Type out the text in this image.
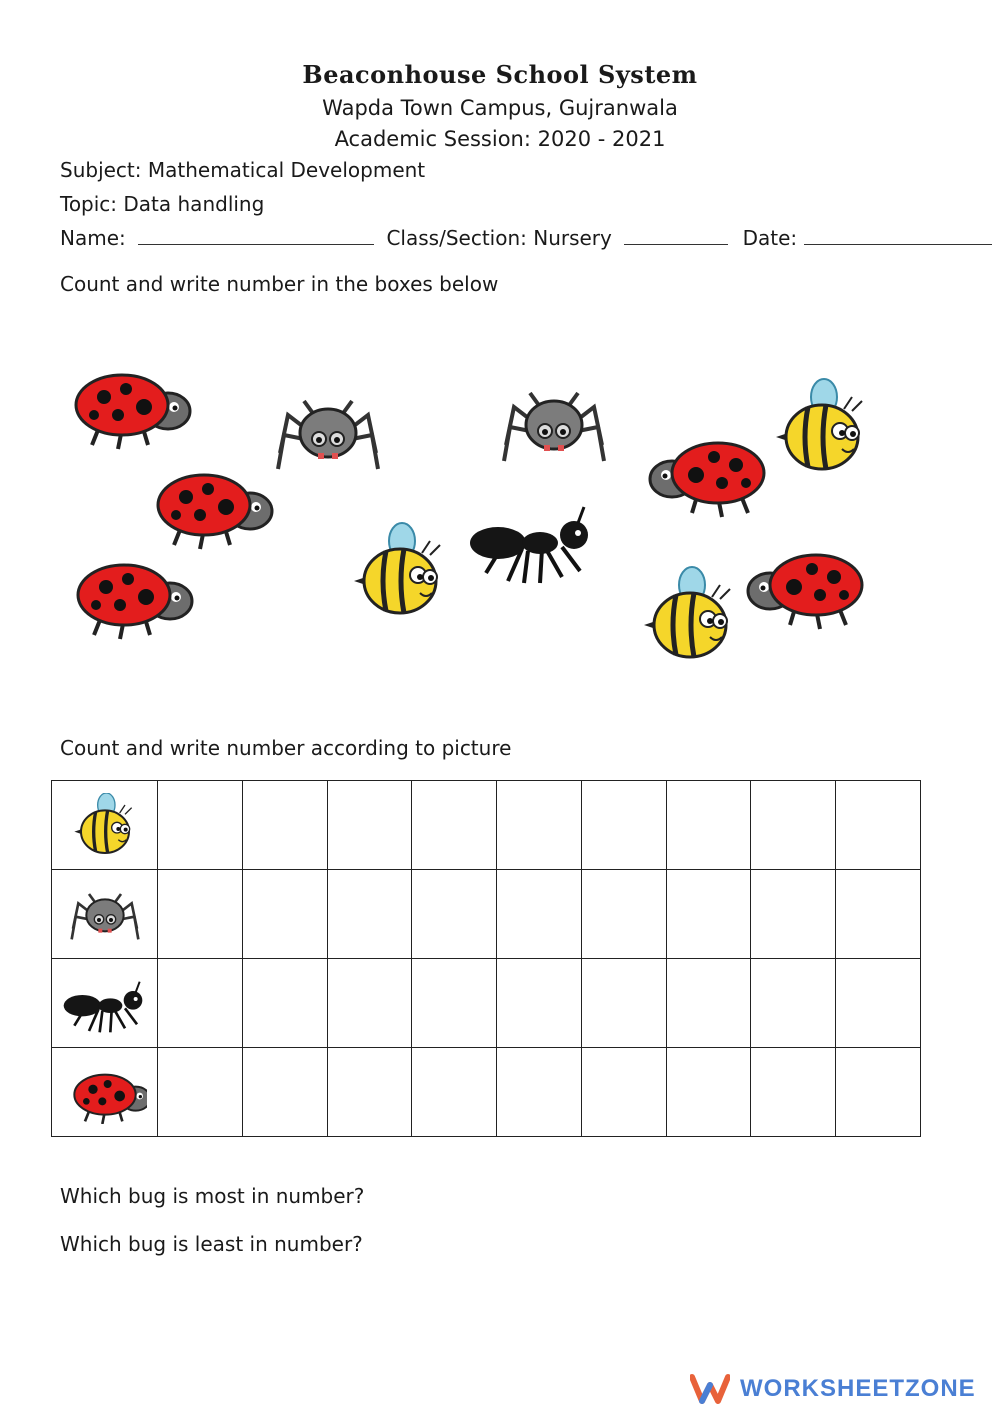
Beaconhouse School System
Wapda Town Campus, Gujranwala
Academic Session: 2020 - 2021
Subject: Mathematical Development
Topic: Data handling
Name:	Class/Section: Nursery	Date:
Count and write number in the boxes below
Count and write number according to picture

Which bug is most in number?
Which bug is least in number?
WORKSHEETZONE
